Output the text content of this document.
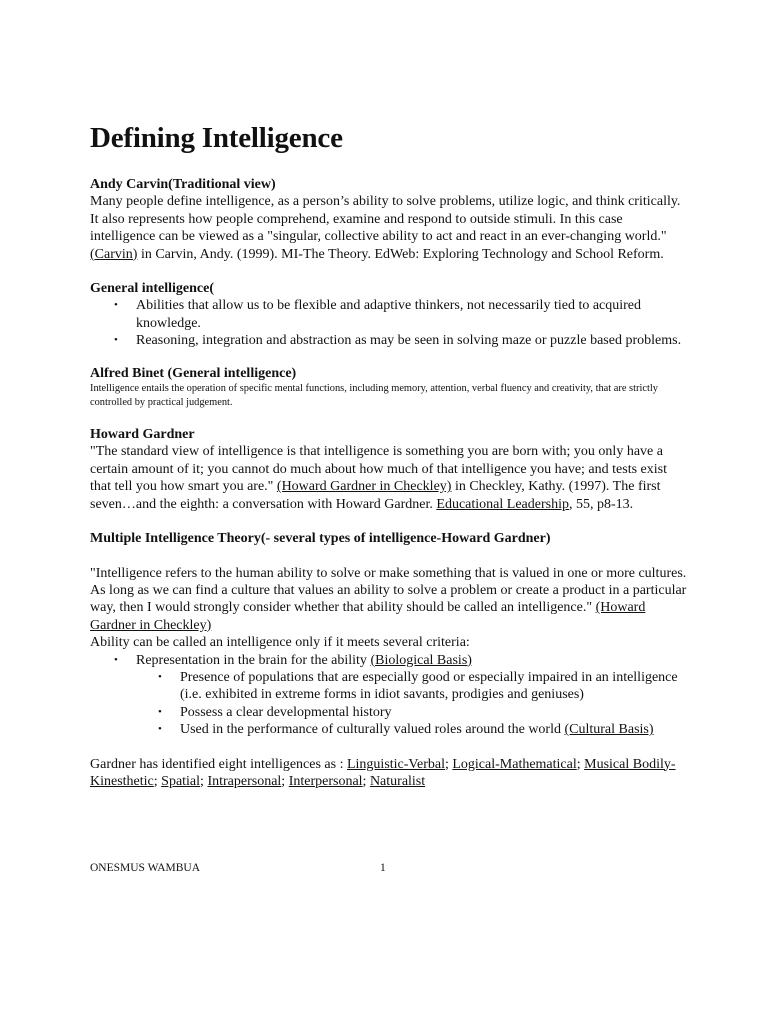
Defining Intelligence

Andy Carvin(Traditional view)

Many people define intelligence, as a person’s ability to solve problems, utilize logic, and think critically. It also represents how people comprehend, examine and respond to outside stimuli. In this case intelligence can be viewed as a "singular, collective ability to act and react in an ever-changing world." (Carvin) in Carvin, Andy. (1999). MI-The Theory. EdWeb: Exploring Technology and School Reform.

General intelligence(

• Abilities that allow us to be flexible and adaptive thinkers, not necessarily tied to acquired knowledge.
• Reasoning, integration and abstraction as may be seen in solving maze or puzzle based problems.

Alfred Binet (General intelligence)

Intelligence entails the operation of specific mental functions, including memory, attention, verbal fluency and creativity, that are strictly controlled by practical judgement.

Howard Gardner

"The standard view of intelligence is that intelligence is something you are born with; you only have a certain amount of it; you cannot do much about how much of that intelligence you have; and tests exist that tell you how smart you are." (Howard Gardner in Checkley) in Checkley, Kathy. (1997). The first seven…and the eighth: a conversation with Howard Gardner. Educational Leadership, 55, p8-13.

Multiple Intelligence Theory(- several types of intelligence-Howard Gardner)

"Intelligence refers to the human ability to solve or make something that is valued in one or more cultures. As long as we can find a culture that values an ability to solve a problem or create a product in a particular way, then I would strongly consider whether that ability should be called an intelligence." (Howard Gardner in Checkley)

Ability can be called an intelligence only if it meets several criteria:

• Representation in the brain for the ability (Biological Basis)
•	Presence of populations that are especially good or especially impaired in an intelligence (i.e. exhibited in extreme forms in idiot savants, prodigies and geniuses)
•	Possess a clear developmental history
•	Used in the performance of culturally valued roles around the world (Cultural Basis)

Gardner has identified eight intelligences as : Linguistic-Verbal; Logical-Mathematical; Musical Bodily-Kinesthetic; Spatial; Intrapersonal; Interpersonal; Naturalist

ONESMUS WAMBUA	1
